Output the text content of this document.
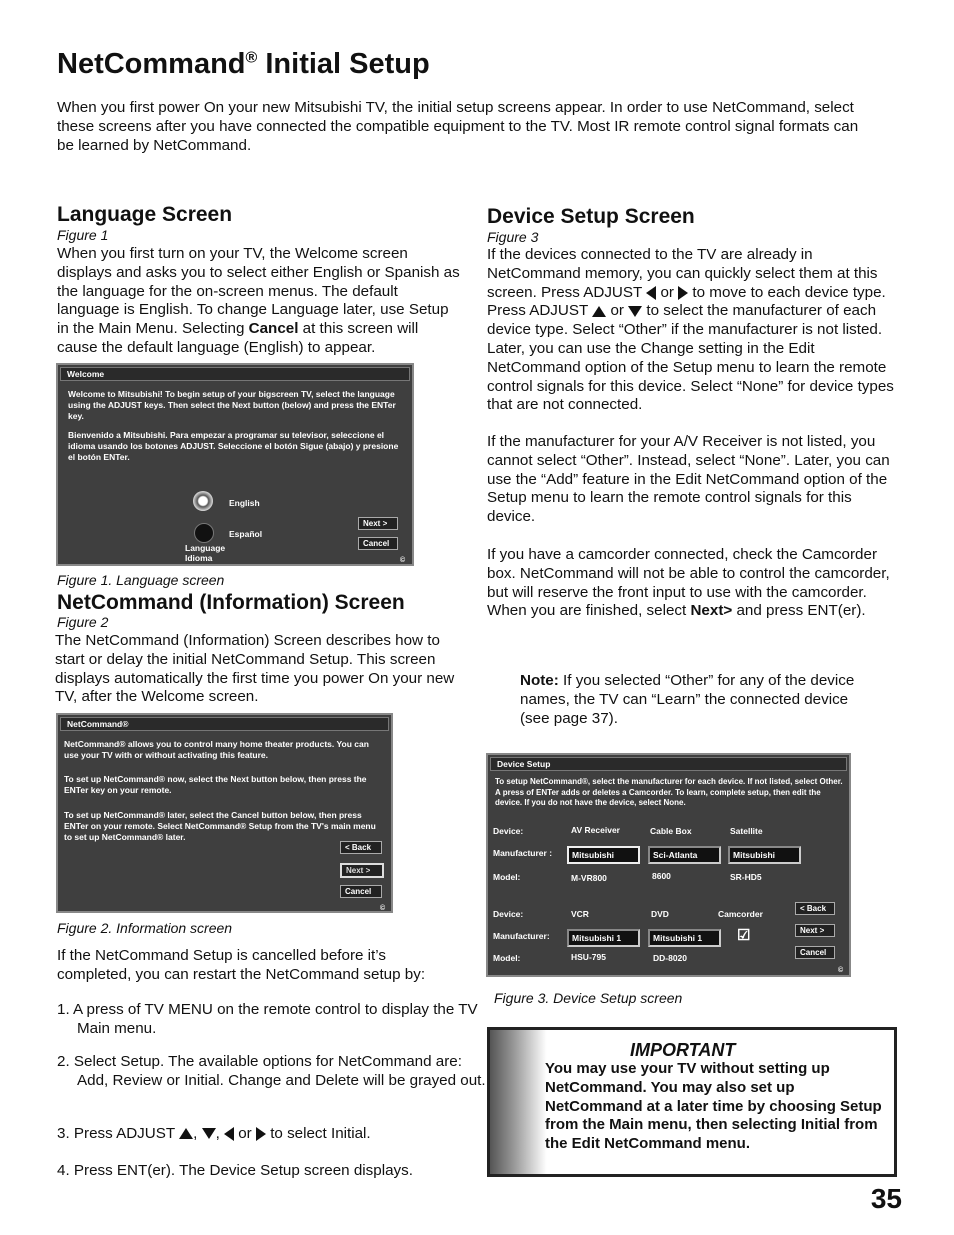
NetCommand® Initial Setup

When you first power On your new Mitsubishi TV, the initial setup screens appear. In order to use NetCommand, select these screens after you have connected the compatible equipment to the TV. Most IR remote control signal formats can be learned by NetCommand.

Language Screen

Figure 1

When you first turn on your TV, the Welcome screen displays and asks you to select either English or Spanish as the language for the on-screen menus. The default language is English. To change Language later, use Setup in the Main Menu. Selecting Cancel at this screen will cause the default language (English) to appear.

Welcome
Welcome to Mitsubishi! To begin setup of your bigscreen TV, select the language using the ADJUST keys. Then select the Next button (below) and press the ENTer key.
Bienvenido a Mitsubishi. Para empezar a programar su televisor, seleccione el idioma usando los botones ADJUST. Seleccione el botón Sigue (abajo) y presione el botón ENTer.
English
Español
Language
Idioma
Next >
Cancel
©

Figure 1. Language screen

NetCommand (Information) Screen

Figure 2

The NetCommand (Information) Screen describes how to start or delay the initial NetCommand Setup. This screen displays automatically the first time you power On your new TV, after the Welcome screen.

NetCommand®
NetCommand® allows you to control many home theater products. You can use your TV with or without activating this feature.
To set up NetCommand® now, select the Next button below, then press the ENTer key on your remote.
To set up NetCommand® later, select the Cancel button below, then press ENTer on your remote. Select NetCommand® Setup from the TV's main menu to set up NetCommand® later.
< Back
Next >
Cancel
©

Figure 2. Information screen

If the NetCommand Setup is cancelled before it’s completed, you can restart the NetCommand setup by:

1. A press of TV MENU on the remote control to display the TV Main menu.

2. Select Setup. The available options for NetCommand are: Add, Review or Initial. Change and Delete will be grayed out.

3. Press ADJUST , ,  or  to select Initial.

4. Press ENT(er). The Device Setup screen displays.

Device Setup Screen

Figure 3

If the devices connected to the TV are already in NetCommand memory, you can quickly select them at this screen. Press ADJUST  or  to move to each device type. Press ADJUST  or  to select the manufacturer of each device type. Select “Other” if the manufacturer is not listed. Later, you can use the Change setting in the Edit NetCommand option of the Setup menu to learn the remote control signals for this device. Select “None” for device types that are not connected.

If the manufacturer for your A/V Receiver is not listed, you cannot select “Other”. Instead, select “None”. Later, you can use the “Add” feature in the Edit NetCommand option of the Setup menu to learn the remote control signals for this device.

If you have a camcorder connected, check the Camcorder box. NetCommand will not be able to control the camcorder, but will reserve the front input to use with the camcorder. When you are finished, select Next> and press ENT(er).

Note: If you selected “Other” for any of the device names, the TV can “Learn” the connected device (see page 37).

Device Setup
To setup NetCommand®, select the manufacturer for each device. If not listed, select Other. A press of ENTer adds or deletes a Camcorder. To learn, complete setup, then edit the device. If you do not have the device, select None.
Device:	AV Receiver	Cable Box	Satellite
Manufacturer :	Mitsubishi	Sci-Atlanta	Mitsubishi
Model:	M-VR800	8600	SR-HD5
Device:	VCR	DVD	Camcorder
Manufacturer:	Mitsubishi 1	Mitsubishi 1	☑
Model:	HSU-795	DD-8020
< Back
Next >
Cancel
©

Figure 3. Device Setup screen

IMPORTANT
You may use your TV without setting up NetCommand. You may also set up NetCommand at a later time by choosing Setup from the Main menu, then selecting Initial from the Edit NetCommand menu.
35
